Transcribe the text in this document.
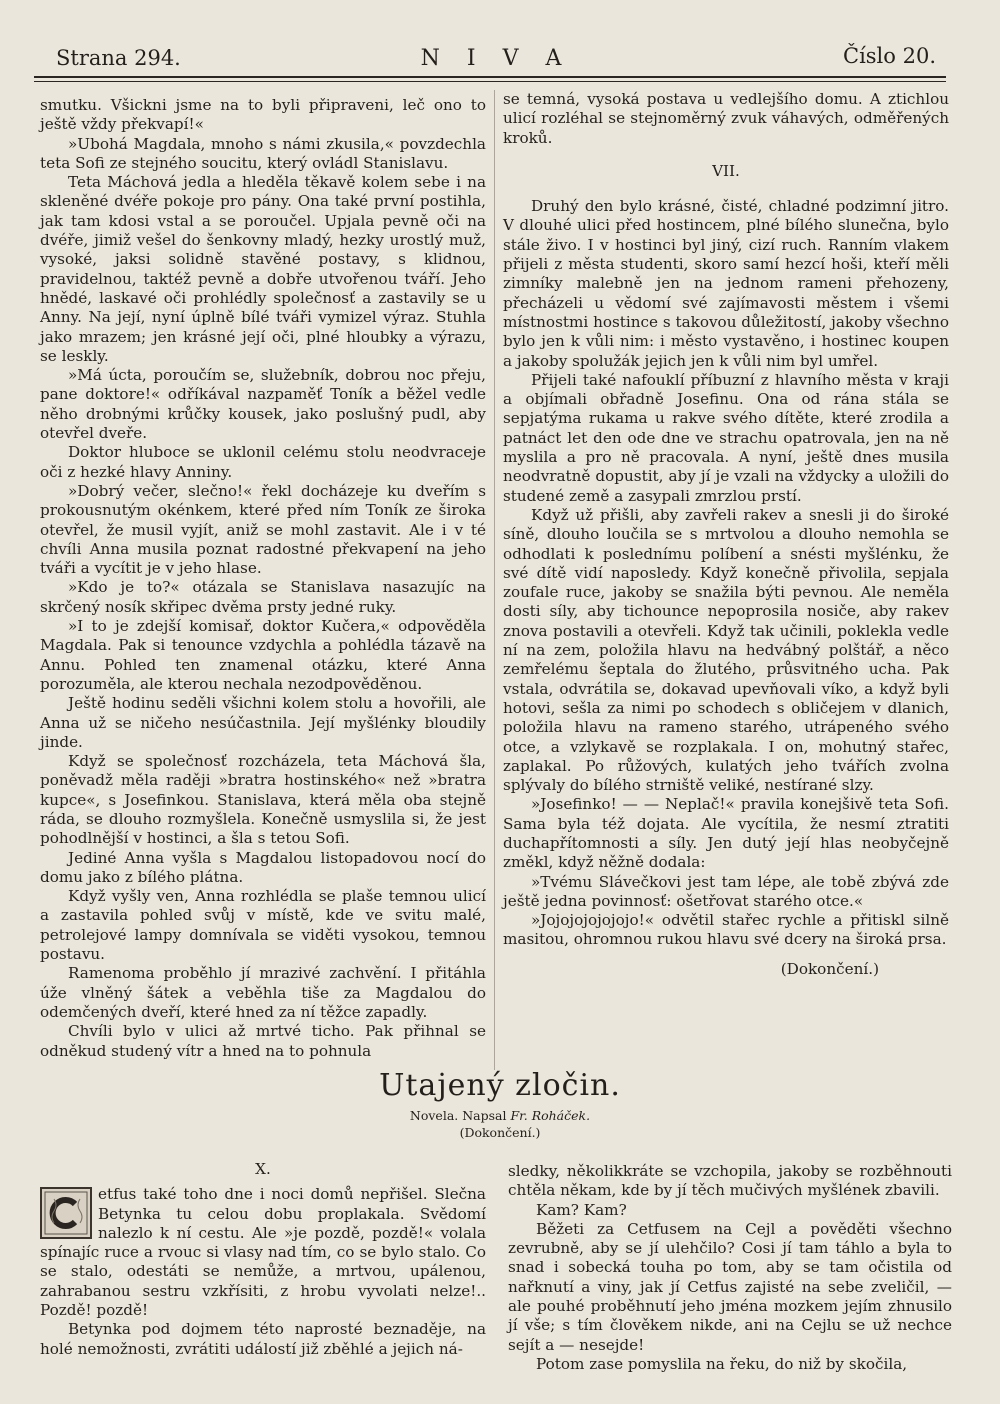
Strana 294.	N I V A	Číslo 20.

smutku. Všickni jsme na to byli připraveni, leč ono to ještě vždy překvapí!«

»Ubohá Magdala, mnoho s námi zkusila,« povzdechla teta Sofi ze stejného soucitu, který ovládl Stanislavu.

Teta Máchová jedla a hleděla těkavě kolem sebe i na skleněné dvéře pokoje pro pány. Ona také první postihla, jak tam kdosi vstal a se poroučel. Upjala pevně oči na dvéře, jimiž vešel do šenkovny mladý, hezky urostlý muž, vysoké, jaksi solidně stavěné postavy, s klidnou, pravidelnou, taktéž pevně a dobře utvořenou tváří. Jeho hnědé, laskavé oči prohlédly společnosť a zastavily se u Anny. Na její, nyní úplně bílé tváři vymizel výraz. Stuhla jako mrazem; jen krásné její oči, plné hloubky a výrazu, se leskly.

»Má úcta, poroučím se, služebník, dobrou noc přeju, pane doktore!« odříkával nazpaměť Toník a běžel vedle něho drobnými krůčky kousek, jako poslušný pudl, aby otevřel dveře.

Doktor hluboce se uklonil celému stolu neodvraceje oči z hezké hlavy Anniny.

»Dobrý večer, slečno!« řekl docházeje ku dveřím s prokousnutým okénkem, které před ním Toník ze široka otevřel, že musil vyjít, aniž se mohl zastavit. Ale i v té chvíli Anna musila poznat radostné překvapení na jeho tváři a vycítit je v jeho hlase.

»Kdo je to?« otázala se Stanislava nasazujíc na skrčený nosík skřipec dvěma prsty jedné ruky.

»I to je zdejší komisař, doktor Kučera,« odpověděla Magdala. Pak si tenounce vzdychla a pohlédla tázavě na Annu. Pohled ten znamenal otázku, které Anna porozuměla, ale kterou nechala nezodpověděnou.

Ještě hodinu seděli všichni kolem stolu a hovořili, ale Anna už se ničeho nesúčastnila. Její myšlénky bloudily jinde.

Když se společnosť rozcházela, teta Máchová šla, poněvadž měla raději »bratra hostinského« než »bratra kupce«, s Josefinkou. Stanislava, která měla oba stejně ráda, se dlouho rozmyšlela. Konečně usmyslila si, že jest pohodlnější v hostinci, a šla s tetou Sofi.

Jediné Anna vyšla s Magdalou listopadovou nocí do domu jako z bílého plátna.

Když vyšly ven, Anna rozhlédla se plaše temnou ulicí a zastavila pohled svůj v místě, kde ve svitu malé, petrolejové lampy domnívala se viděti vysokou, temnou postavu.

Ramenoma proběhlo jí mrazivé zachvění. I přitáhla úže vlněný šátek a veběhla tiše za Magdalou do odemčených dveří, které hned za ní těžce zapadly.

Chvíli bylo v ulici až mrtvé ticho. Pak přihnal se odněkud studený vítr a hned na to pohnula

se temná, vysoká postava u vedlejšího domu. A ztichlou ulicí rozléhal se stejnoměrný zvuk váhavých, odměřených kroků.

VII.

Druhý den bylo krásné, čisté, chladné podzimní jitro. V dlouhé ulici před hostincem, plné bílého slunečna, bylo stále živo. I v hostinci byl jiný, cizí ruch. Ranním vlakem přijeli z města studenti, skoro samí hezcí hoši, kteří měli zimníky malebně jen na jednom rameni přehozeny, přecházeli u vědomí své zajímavosti městem i všemi místnostmi hostince s takovou důležitostí, jakoby všechno bylo jen k vůli nim: i město vystavěno, i hostinec koupen a jakoby spolužák jejich jen k vůli nim byl umřel.

Přijeli také nafouklí příbuzní z hlavního města v kraji a objímali obřadně Josefinu. Ona od rána stála se sepjatýma rukama u rakve svého dítěte, které zrodila a patnáct let den ode dne ve strachu opatrovala, jen na ně myslila a pro ně pracovala. A nyní, ještě dnes musila neodvratně dopustit, aby jí je vzali na vždycky a uložili do studené země a zasypali zmrzlou prstí.

Když už přišli, aby zavřeli rakev a snesli ji do široké síně, dlouho loučila se s mrtvolou a dlouho nemohla se odhodlati k poslednímu políbení a snésti myšlénku, že své dítě vidí naposledy. Když konečně přivolila, sepjala zoufale ruce, jakoby se snažila býti pevnou. Ale neměla dosti síly, aby tichounce nepoprosila nosiče, aby rakev znova postavili a otevřeli. Když tak učinili, poklekla vedle ní na zem, položila hlavu na hedvábný polštář, a něco zemřelému šeptala do žlutého, průsvitného ucha. Pak vstala, odvrátila se, dokavad upevňovali víko, a když byli hotovi, sešla za nimi po schodech s obličejem v dlanich, položila hlavu na rameno starého, utrápeného svého otce, a vzlykavě se rozplakala. I on, mohutný stařec, zaplakal. Po růžových, kulatých jeho tvářích zvolna splývaly do bílého strniště veliké, nestírané slzy.

»Josefinko! — — Neplač!« pravila konejšivě teta Sofi. Sama byla též dojata. Ale vycítila, že nesmí ztratiti duchapřítomnosti a síly. Jen dutý její hlas neobyčejně změkl, když něžně dodala:

»Tvému Slávečkovi jest tam lépe, ale tobě zbývá zde ještě jedna povinnosť: ošetřovat starého otce.«

»Jojojojojojojo!« odvětil stařec rychle a přitiskl silně masitou, ohromnou rukou hlavu své dcery na široká prsa.

(Dokončení.)

Utajený zločin.
Novela. Napsal Fr. Roháček.
(Dokončení.)

X.

etfus také toho dne i noci domů nepřišel. Slečna Betynka tu celou dobu proplakala. Svědomí nalezlo k ní cestu. Ale »je pozdě, pozdě!« volala spínajíc ruce a rvouc si vlasy nad tím, co se bylo stalo. Co se stalo, odestáti se nemůže, a mrtvou, upálenou, zahrabanou sestru vzkřísiti, z hrobu vyvolati nelze!.. Pozdě! pozdě!

Betynka pod dojmem této naprosté beznaděje, na holé nemožnosti, zvrátiti událostí již zběhlé a jejich ná-

sledky, několikkráte se vzchopila, jakoby se rozběhnouti chtěla někam, kde by jí těch mučivých myšlének zbavili.

Kam? Kam?

Běžeti za Cetfusem na Cejl a pověděti všechno zevrubně, aby se jí ulehčilo? Cosi jí tam táhlo a byla to snad i sobecká touha po tom, aby se tam očistila od nařknutí a viny, jak jí Cetfus zajisté na sebe zveličil, — ale pouhé proběhnutí jeho jména mozkem jejím zhnusilo jí vše; s tím člověkem nikde, ani na Cejlu se už nechce sejít a — nesejde!

Potom zase pomyslila na řeku, do niž by skočila,
